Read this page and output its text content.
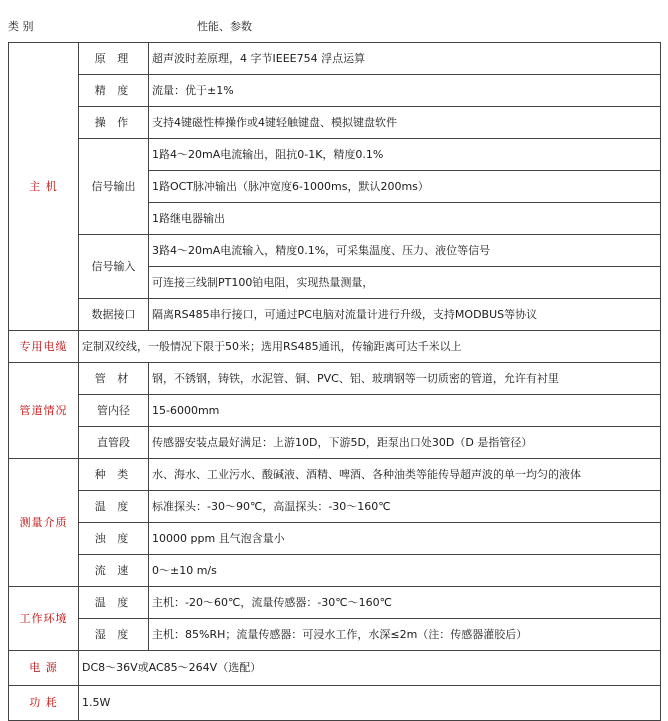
类 别	性能、参数
主 机	原 理	超声波时差原理，4 字节IEEE754 浮点运算
	精 度	流量：优于±1%
	操 作	支持4键磁性棒操作或4键轻触键盘、模拟键盘软件
	信号输出	1路4～20mA电流输出，阻抗0-1K，精度0.1%
		1路OCT脉冲输出（脉冲宽度6-1000ms，默认200ms）
		1路继电器输出
	信号输入	3路4～20mA电流输入，精度0.1%，可采集温度、压力、液位等信号
		可连接三线制PT100铂电阻，实现热量测量，
	数据接口	隔离RS485串行接口，可通过PC电脑对流量计进行升级，支持MODBUS等协议
专用电缆	定制双绞线，一般情况下限于50米；选用RS485通讯，传输距离可达千米以上	
管道情况	管 材	钢，不锈钢，铸铁，水泥管、铜、PVC、铝、玻璃钢等一切质密的管道，允许有衬里
	管内径	15-6000mm
	直管段	传感器安装点最好满足：上游10D，下游5D，距泵出口处30D（D 是指管径）
测量介质	种 类	水、海水、工业污水、酸碱液、酒精、啤酒、各种油类等能传导超声波的单一均匀的液体
	温 度	标准探头：-30～90℃，高温探头：-30～160℃
	浊 度	10000 ppm 且气泡含量小
	流 速	0～±10 m/s
工作环境	温 度	主机：-20～60℃，流量传感器：-30℃～160℃
	湿 度	主机：85%RH；流量传感器：可浸水工作，水深≤2m（注：传感器灌胶后）
电 源	DC8～36V或AC85～264V（选配）	
功 耗	1.5W	
